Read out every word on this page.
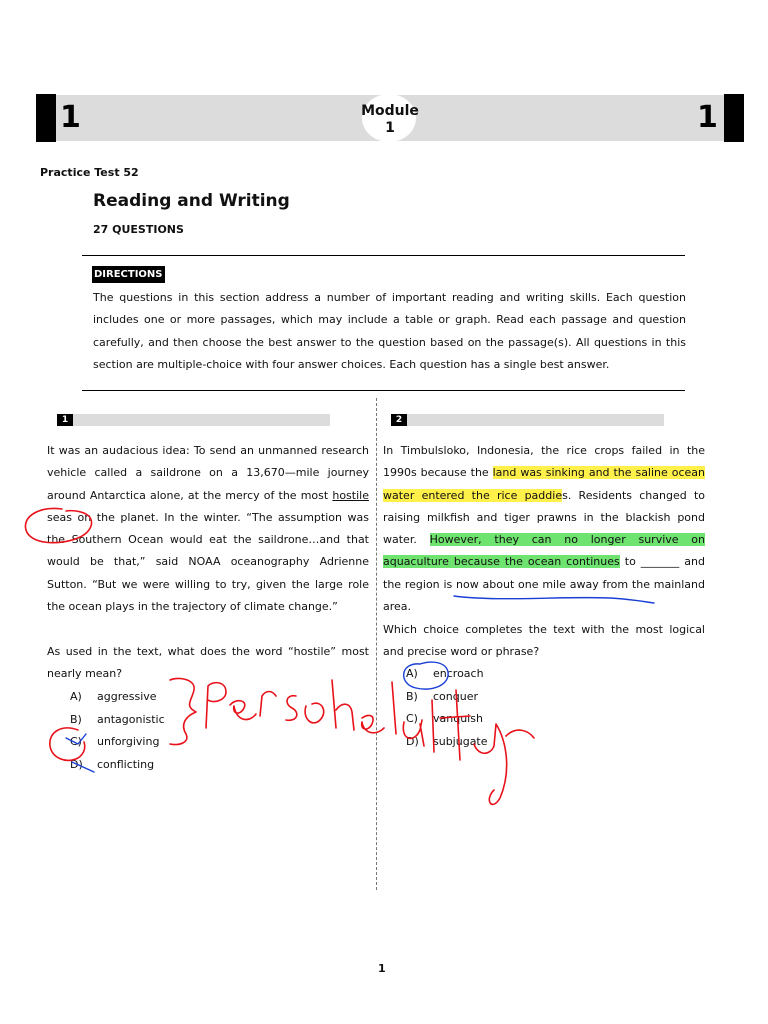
1	1
Module
1
Practice Test 52
Reading and Writing
27 QUESTIONS
DIRECTIONS
The questions in this section address a number of important reading and writing skills. Each question includes one or more passages, which may include a table or graph. Read each passage and question carefully, and then choose the best answer to the question based on the passage(s). All questions in this section are multiple-choice with four answer choices. Each question has a single best answer.
1	2
It was an audacious idea: To send an unmanned research vehicle called a saildrone on a 13,670—mile journey around Antarctica alone, at the mercy of the most hostile seas on the planet. In the winter. “The assumption was the Southern Ocean would eat the saildrone…and that would be that,” said NOAA oceanography Adrienne Sutton. “But we were willing to try, given the large role the ocean plays in the trajectory of climate change.”
As used in the text, what does the word “hostile” most nearly mean?
A)	aggressive
B)	antagonistic
C)	unforgiving
D)	conflicting
In Timbulsloko, Indonesia, the rice crops failed in the 1990s because the land was sinking and the saline ocean water entered the rice paddies. Residents changed to raising milkfish and tiger prawns in the blackish pond water. However, they can no longer survive on aquaculture because the ocean continues to _______ and the region is now about one mile away from the mainland area.
Which choice completes the text with the most logical and precise word or phrase?
A)	encroach
B)	conquer
C)	vanquish
D)	subjugate
1
